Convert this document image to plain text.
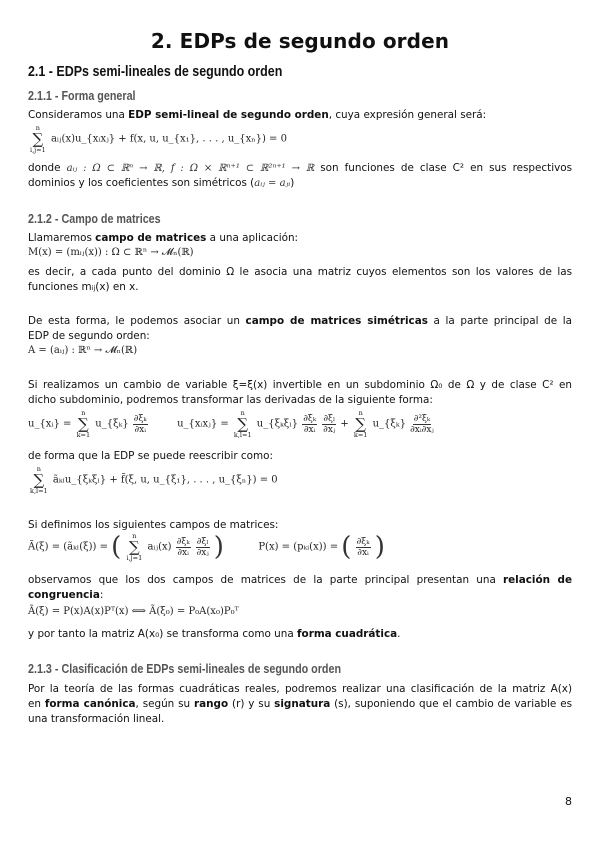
2. EDPs de segundo orden
2.1 - EDPs semi-lineales de segundo orden
2.1.1 - Forma general
Consideramos una EDP semi-lineal de segundo orden, cuya expresión general será:
n
∑
i,j=1
aᵢⱼ(x)u_{xᵢxⱼ} + f(x, u, u_{x₁}, . . . , u_{xₙ}) = 0
donde aᵢⱼ : Ω ⊂ ℝⁿ → ℝ, f : Ω × ℝⁿ⁺¹ ⊂ ℝ²ⁿ⁺¹ → ℝ son funciones de clase C² en sus respectivos
dominios y los coeficientes son simétricos (aᵢⱼ = aⱼᵢ)
2.1.2 - Campo de matrices
Llamaremos campo de matrices a una aplicación:
M(x) = (mᵢⱼ(x)) : Ω ⊂ ℝⁿ → 𝓜ₙ(ℝ)
es decir, a cada punto del dominio Ω le asocia una matriz cuyos elementos son los valores de las
funciones mᵢⱼ(x) en x.
De esta forma, le podemos asociar un campo de matrices simétricas a la parte principal de la
EDP de segundo orden:
A = (aᵢⱼ) : ℝⁿ → 𝓜ₙ(ℝ)
Si realizamos un cambio de variable ξ=ξ(x) invertible en un subdominio Ω₀ de Ω y de clase C² en
dicho subdominio, podremos transformar las derivadas de la siguiente forma:
u_{xᵢ} =
n
∑
k=1
u_{ξₖ} $\frac{\text{∂ξₖ}}{\text{∂xᵢ}}$	u_{xᵢxⱼ} =
n
∑
k,l=1
u_{ξₖξₗ} $\frac{\text{∂ξₖ}}{\text{∂xᵢ}}$
$\frac{\text{∂ξₗ}}{\text{∂xⱼ}}$ +
n
∑
k=1
u_{ξₖ} $\frac{\text{∂²ξₖ}}{\text{∂xᵢ∂xⱼ}}$
de forma que la EDP se puede reescribir como:
n
∑
k,l=1
ãₖₗu_{ξₖξₗ} + f̃(ξ, u, u_{ξ₁}, . . . , u_{ξₙ}) = 0
Si definimos los siguientes campos de matrices:
Ã(ξ) = (ãₖₗ(ξ)) = ( n
∑
i,j=1
aᵢⱼ(x) $\frac{\text{∂ξₖ}}{\text{∂xᵢ}}$
$\frac{\text{∂ξₗ}}{\text{∂xⱼ}}$ )	P(x) = (pₖᵢ(x)) = ( $\frac{\text{∂ξₖ}}{\text{∂xᵢ}}$ )
observamos que los dos campos de matrices de la parte principal presentan una relación de
congruencia:
Ã(ξ) = P(x)A(x)Pᵀ(x) ⟺ Ã(ξ₀) = P₀A(x₀)P₀ᵀ
y por tanto la matriz A(x₀) se transforma como una forma cuadrática.
2.1.3 - Clasificación de EDPs semi-lineales de segundo orden
Por la teoría de las formas cuadráticas reales, podremos realizar una clasificación de la matriz A(x)
en forma canónica, según su rango (r) y su signatura (s), suponiendo que el cambio de variable es
una transformación lineal.
8
